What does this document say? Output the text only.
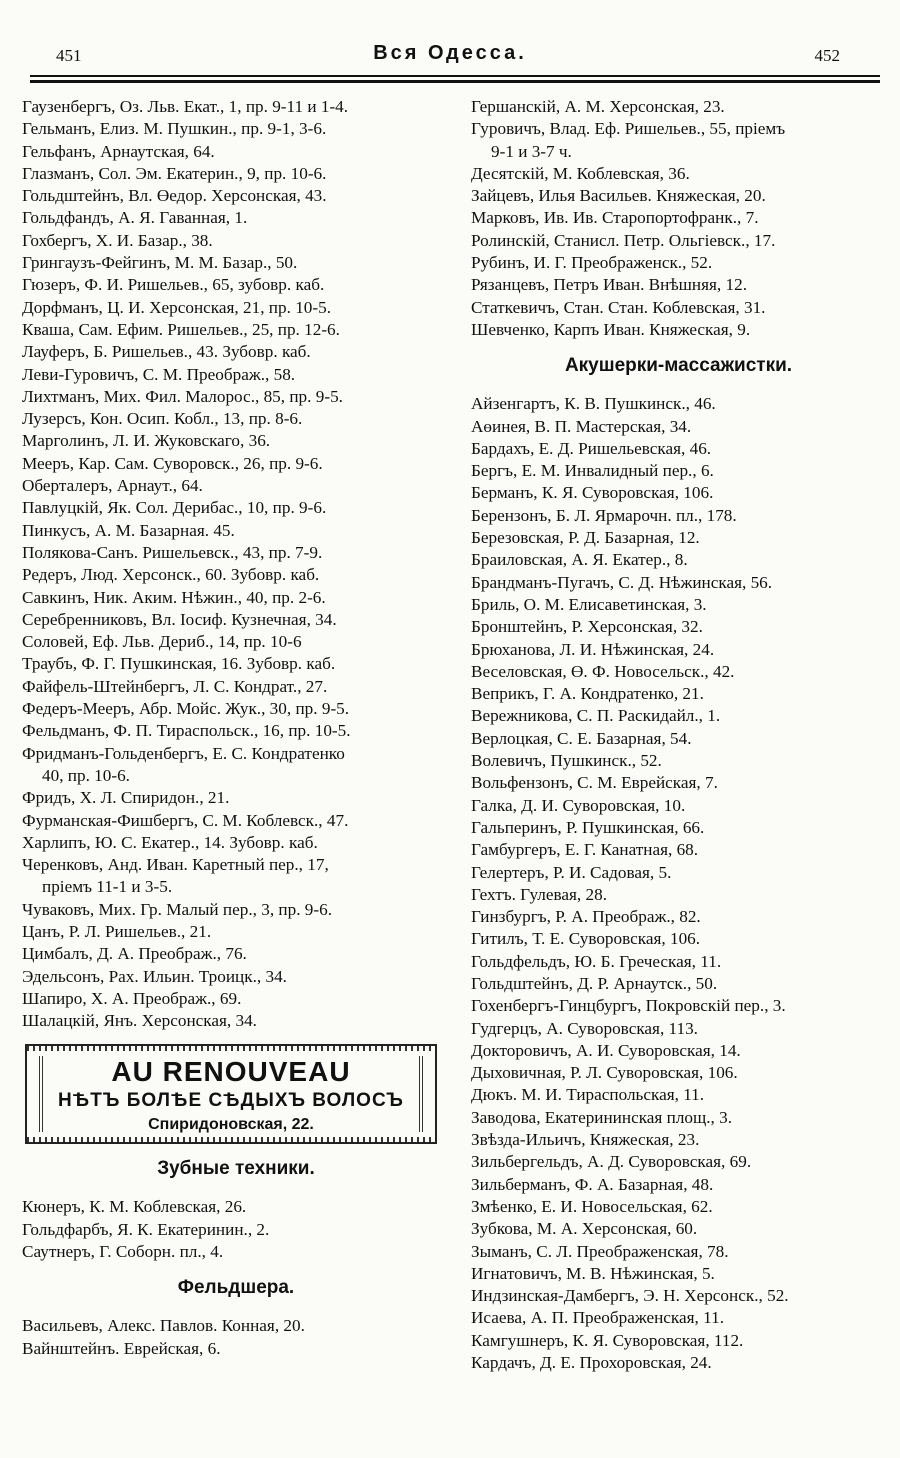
451	Вся Одесса.	452
Гаузенбергъ, Оз. Льв. Екат., 1, пр. 9-11 и 1-4.
Гельманъ, Елиз. М. Пушкин., пр. 9-1, 3-6.
Гельфанъ, Арнаутская, 64.
Глазманъ, Сол. Эм. Екатерин., 9, пр. 10-6.
Гольдштейнъ, Вл. Өедор. Херсонская, 43.
Гольдфандъ, А. Я. Гаванная, 1.
Гохбергъ, Х. И. Базар., 38.
Грингаузъ-Фейгинъ, М. М. Базар., 50.
Гюзеръ, Ф. И. Ришельев., 65, зубовр. каб.
Дорфманъ, Ц. И. Херсонская, 21, пр. 10-5.
Кваша, Сам. Ефим. Ришельев., 25, пр. 12-6.
Лауферъ, Б. Ришельев., 43. Зубовр. каб.
Леви-Гуровичъ, С. М. Преображ., 58.
Лихтманъ, Мих. Фил. Малорос., 85, пр. 9-5.
Лузерсъ, Кон. Осип. Кобл., 13, пр. 8-6.
Марголинъ, Л. И. Жуковскаго, 36.
Мееръ, Кар. Сам. Суворовск., 26, пр. 9-6.
Оберталеръ, Арнаут., 64.
Павлуцкій, Як. Сол. Дерибас., 10, пр. 9-6.
Пинкусъ, А. М. Базарная. 45.
Полякова-Санъ. Ришельевск., 43, пр. 7-9.
Редеръ, Люд. Херсонск., 60. Зубовр. каб.
Савкинъ, Ник. Аким. Нѣжин., 40, пр. 2-6.
Серебренниковъ, Вл. Іосиф. Кузнечная, 34.
Соловей, Еф. Льв. Дериб., 14, пр. 10-6
Траубъ, Ф. Г. Пушкинская, 16. Зубовр. каб.
Файфель-Штейнбергъ, Л. С. Кондрат., 27.
Федеръ-Мееръ, Абр. Мойс. Жук., 30, пр. 9-5.
Фельдманъ, Ф. П. Тираспольск., 16, пр. 10-5.
Фридманъ-Гольденбергъ, Е. С. Кондратенко
40, пр. 10-6.
Фридъ, Х. Л. Спиридон., 21.
Фурманская-Фишбергъ, С. М. Коблевск., 47.
Харлипъ, Ю. С. Екатер., 14. Зубовр. каб.
Черенковъ, Анд. Иван. Каретный пер., 17,
пріемъ 11-1 и 3-5.
Чуваковъ, Мих. Гр. Малый пер., 3, пр. 9-6.
Цанъ, Р. Л. Ришельев., 21.
Цимбалъ, Д. А. Преображ., 76.
Эдельсонъ, Рах. Ильин. Троицк., 34.
Шапиро, Х. А. Преображ., 69.
Шалацкій, Янъ. Херсонская, 34.
AU RENOUVEAU
НѢТЪ БОЛѢЕ СѢДЫХЪ ВОЛОСЪ
Спиридоновская, 22.
Зубные техники.
Кюнеръ, К. М. Коблевская, 26.
Гольдфарбъ, Я. К. Екатеринин., 2.
Саутнеръ, Г. Соборн. пл., 4.
Фельдшера.
Васильевъ, Алекс. Павлов. Конная, 20.
Вайнштейнъ. Еврейская, 6.
Гершанскій, А. М. Херсонская, 23.
Гуровичъ, Влад. Еф. Ришельев., 55, пріемъ
9-1 и 3-7 ч.
Десятскій, М. Коблевская, 36.
Зайцевъ, Илья Васильев. Княжеская, 20.
Марковъ, Ив. Ив. Старопортофранк., 7.
Ролинскій, Станисл. Петр. Ольгіевск., 17.
Рубинъ, И. Г. Преображенск., 52.
Рязанцевъ, Петръ Иван. Внѣшняя, 12.
Статкевичъ, Стан. Стан. Коблевская, 31.
Шевченко, Карпъ Иван. Княжеская, 9.
Акушерки-массажистки.
Айзенгартъ, К. В. Пушкинск., 46.
Аөинея, В. П. Мастерская, 34.
Бардахъ, Е. Д. Ришельевская, 46.
Бергъ, Е. М. Инвалидный пер., 6.
Берманъ, К. Я. Суворовская, 106.
Берензонъ, Б. Л. Ярмарочн. пл., 178.
Березовская, Р. Д. Базарная, 12.
Браиловская, А. Я. Екатер., 8.
Брандманъ-Пугачъ, С. Д. Нѣжинская, 56.
Бриль, О. М. Елисаветинская, 3.
Бронштейнъ, Р. Херсонская, 32.
Брюханова, Л. И. Нѣжинская, 24.
Веселовская, Ө. Ф. Новосельск., 42.
Веприкъ, Г. А. Кондратенко, 21.
Вережникова, С. П. Раскидайл., 1.
Верлоцкая, С. Е. Базарная, 54.
Волевичъ, Пушкинск., 52.
Вольфензонъ, С. М. Еврейская, 7.
Галка, Д. И. Суворовская, 10.
Гальперинъ, Р. Пушкинская, 66.
Гамбургеръ, Е. Г. Канатная, 68.
Гелертеръ, Р. И. Садовая, 5.
Гехтъ. Гулевая, 28.
Гинзбургъ, Р. А. Преображ., 82.
Гитилъ, Т. Е. Суворовская, 106.
Гольдфельдъ, Ю. Б. Греческая, 11.
Гольдштейнъ, Д. Р. Арнаутск., 50.
Гохенбергъ-Гинцбургъ, Покровскій пер., 3.
Гудгерцъ, А. Суворовская, 113.
Докторовичъ, А. И. Суворовская, 14.
Дыховичная, Р. Л. Суворовская, 106.
Дюкъ. М. И. Тираспольская, 11.
Заводова, Екатерининская площ., 3.
Звѣзда-Ильичъ, Княжеская, 23.
Зильбергельдъ, А. Д. Суворовская, 69.
Зильберманъ, Ф. А. Базарная, 48.
Змѣенко, Е. И. Новосельская, 62.
Зубкова, М. А. Херсонская, 60.
Зыманъ, С. Л. Преображенская, 78.
Игнатовичъ, М. В. Нѣжинская, 5.
Индзинская-Дамбергъ, Э. Н. Херсонск., 52.
Исаева, А. П. Преображенская, 11.
Камгушнеръ, К. Я. Суворовская, 112.
Кардачъ, Д. Е. Прохоровская, 24.
